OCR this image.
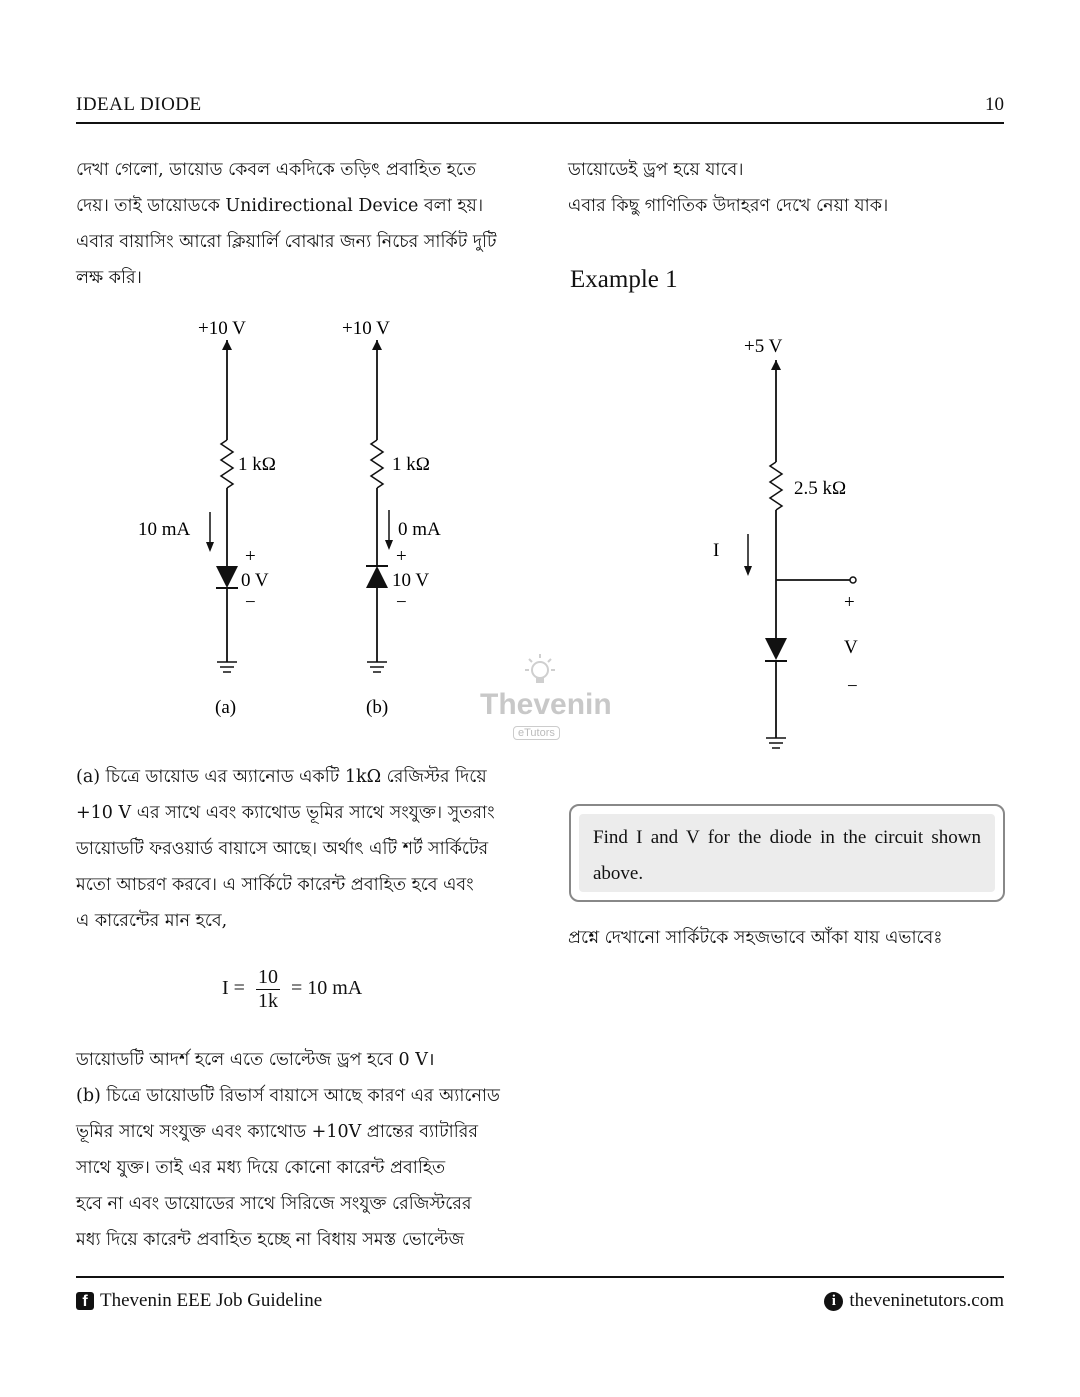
IDEAL DIODE	10

দেখা গেলো, ডায়োড কেবল একদিকে তড়িৎ প্রবাহিত হতে

দেয়। তাই ডায়োডকে Unidirectional Device বলা হয়।

এবার বায়াসিং আরো ক্লিয়ার্লি বোঝার জন্য নিচের সার্কিট দুটি

লক্ষ করি।

+10 V
1 kΩ
10 mA
+
0 V
−
(a)
+10 V
1 kΩ
0 mA
+
10 V
−
(b)	Thevenin
eTutors

(a) চিত্রে ডায়োড এর অ্যানোড একটি 1kΩ রেজিস্টর দিয়ে

+10 V এর সাথে এবং ক্যাথোড ভূমির সাথে সংযুক্ত। সুতরাং

ডায়োডটি ফরওয়ার্ড বায়াসে আছে। অর্থাৎ এটি শর্ট সার্কিটের

মতো আচরণ করবে। এ সার্কিটে কারেন্ট প্রবাহিত হবে এবং

এ কারেন্টের মান হবে,

$I = \frac{10}{1k} = 10$ mA

ডায়োডটি আদর্শ হলে এতে ভোল্টেজ ড্রপ হবে 0 V।

(b) চিত্রে ডায়োডটি রিভার্স বায়াসে আছে কারণ এর অ্যানোড

ভূমির সাথে সংযুক্ত এবং ক্যাথোড +10V প্রান্তের ব্যাটারির

সাথে যুক্ত। তাই এর মধ্য দিয়ে কোনো কারেন্ট প্রবাহিত

হবে না এবং ডায়োডের সাথে সিরিজে সংযুক্ত রেজিস্টরের

মধ্য দিয়ে কারেন্ট প্রবাহিত হচ্ছে না বিধায় সমস্ত ভোল্টেজ

ডায়োডেই ড্রপ হয়ে যাবে।

এবার কিছু গাণিতিক উদাহরণ দেখে নেয়া যাক।

Example 1
+5 V
2.5 kΩ
I
+
V
−
Find I and V for the diode in the circuit shown above.

প্রশ্নে দেখানো সার্কিটকে সহজভাবে আঁকা যায় এভাবেঃ

f Thevenin EEE Job Guideline	i theveninetutors.com
